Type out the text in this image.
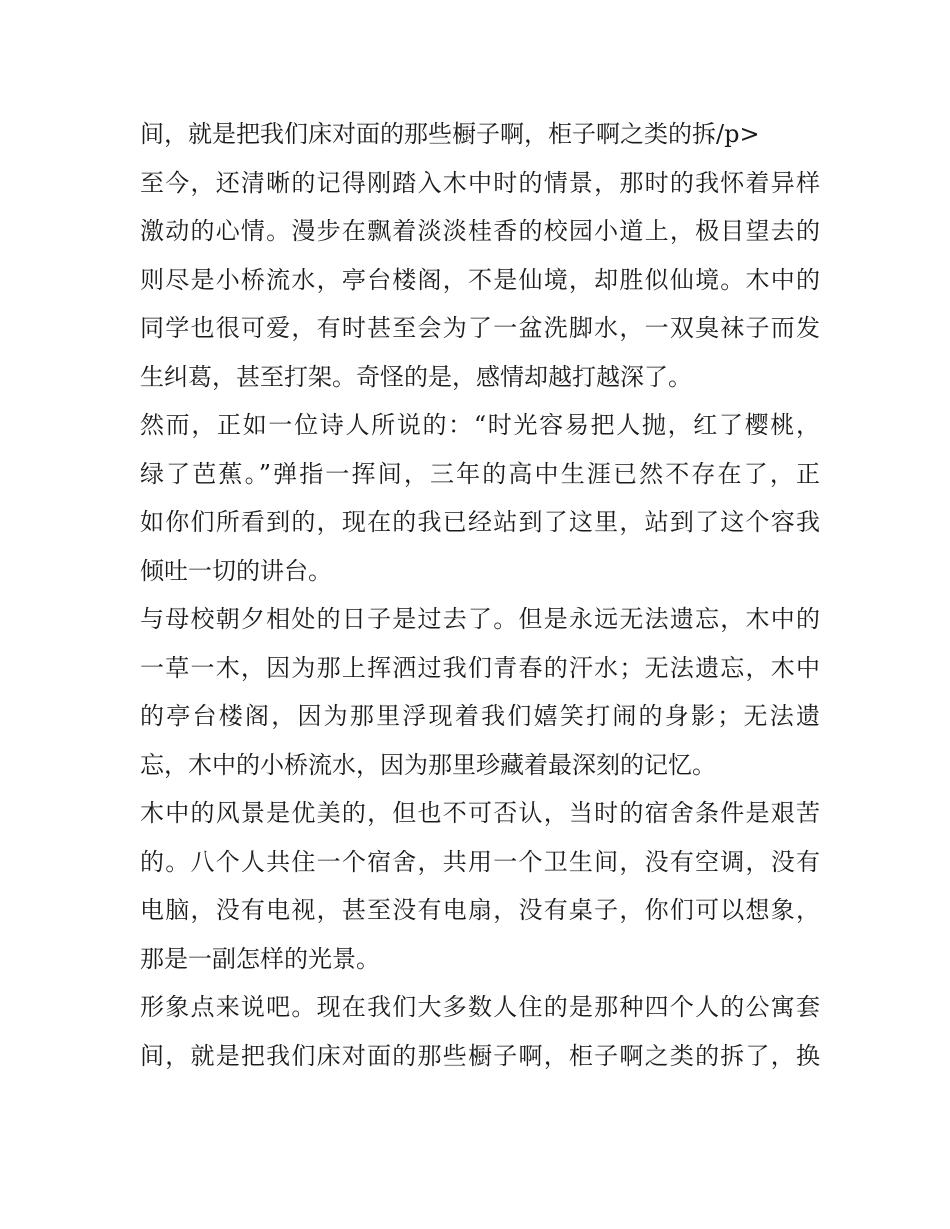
间，就是把我们床对面的那些橱子啊，柜子啊之类的拆/p>
至今，还清晰的记得刚踏入木中时的情景，那时的我怀着异样
激动的心情。漫步在飘着淡淡桂香的校园小道上，极目望去的
则尽是小桥流水，亭台楼阁，不是仙境，却胜似仙境。木中的
同学也很可爱，有时甚至会为了一盆洗脚水，一双臭袜子而发
生纠葛，甚至打架。奇怪的是，感情却越打越深了。
然而，正如一位诗人所说的：“时光容易把人抛，红了樱桃，
绿了芭蕉。”弹指一挥间，三年的高中生涯已然不存在了，正
如你们所看到的，现在的我已经站到了这里，站到了这个容我
倾吐一切的讲台。
与母校朝夕相处的日子是过去了。但是永远无法遗忘，木中的
一草一木，因为那上挥洒过我们青春的汗水；无法遗忘，木中
的亭台楼阁，因为那里浮现着我们嬉笑打闹的身影；无法遗
忘，木中的小桥流水，因为那里珍藏着最深刻的记忆。
木中的风景是优美的，但也不可否认，当时的宿舍条件是艰苦
的。八个人共住一个宿舍，共用一个卫生间，没有空调，没有
电脑，没有电视，甚至没有电扇，没有桌子，你们可以想象，
那是一副怎样的光景。
形象点来说吧。现在我们大多数人住的是那种四个人的公寓套
间，就是把我们床对面的那些橱子啊，柜子啊之类的拆了，换
